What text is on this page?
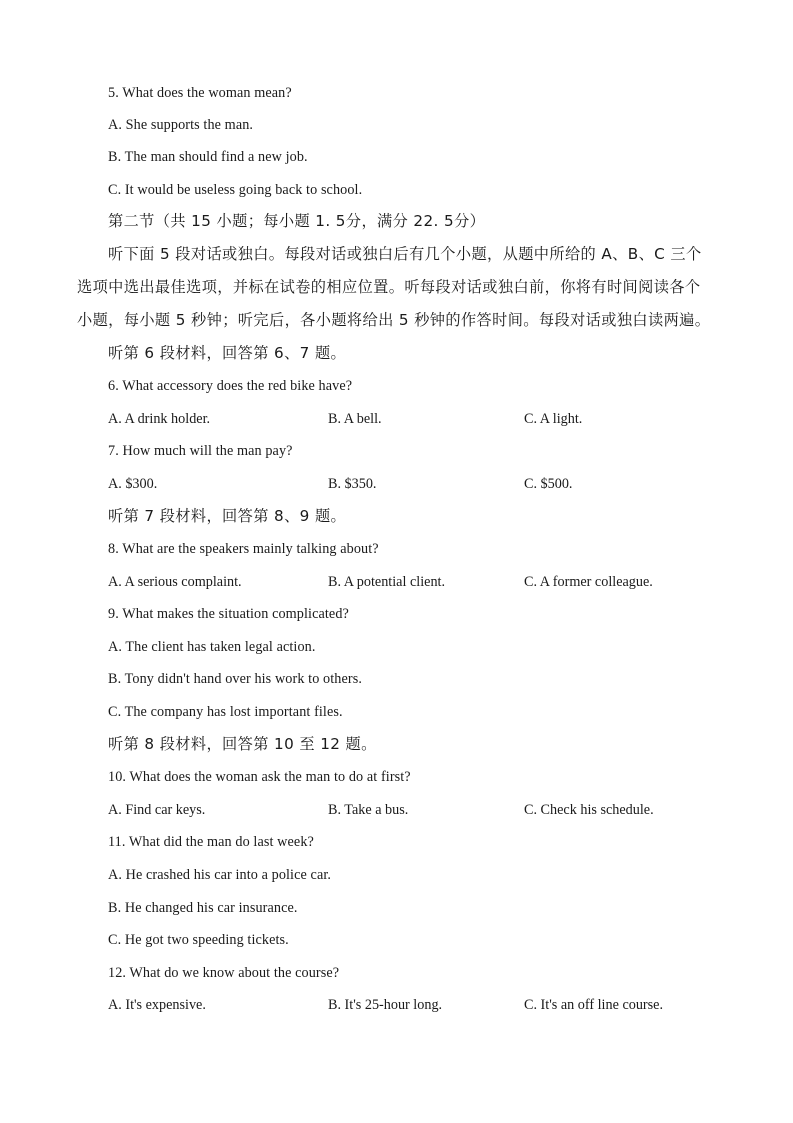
5. What does the woman mean?
A. She supports the man.
B. The man should find a new job.
C. It would be useless going back to school.
第二节（共 15 小题；每小题 1. 5分，满分 22. 5分）
听下面 5 段对话或独白。每段对话或独白后有几个小题，从题中所给的 A、B、C 三个
选项中选出最佳选项，并标在试卷的相应位置。听每段对话或独白前，你将有时间阅读各个
小题，每小题 5 秒钟；听完后，各小题将给出 5 秒钟的作答时间。每段对话或独白读两遍。
听第 6 段材料，回答第 6、7 题。
6. What accessory does the red bike have?
A. A drink holder.	B. A bell.	C. A light.
7. How much will the man pay?
A. $300.	B. $350.	C. $500.
听第 7 段材料，回答第 8、9 题。
8. What are the speakers mainly talking about?
A. A serious complaint.	B. A potential client.	C. A former colleague.
9. What makes the situation complicated?
A. The client has taken legal action.
B. Tony didn't hand over his work to others.
C. The company has lost important files.
听第 8 段材料，回答第 10 至 12 题。
10. What does the woman ask the man to do at first?
A. Find car keys.	B. Take a bus.	C. Check his schedule.
11. What did the man do last week?
A. He crashed his car into a police car.
B. He changed his car insurance.
C. He got two speeding tickets.
12. What do we know about the course?
A. It's expensive.	B. It's 25-hour long.	C. It's an off line course.
